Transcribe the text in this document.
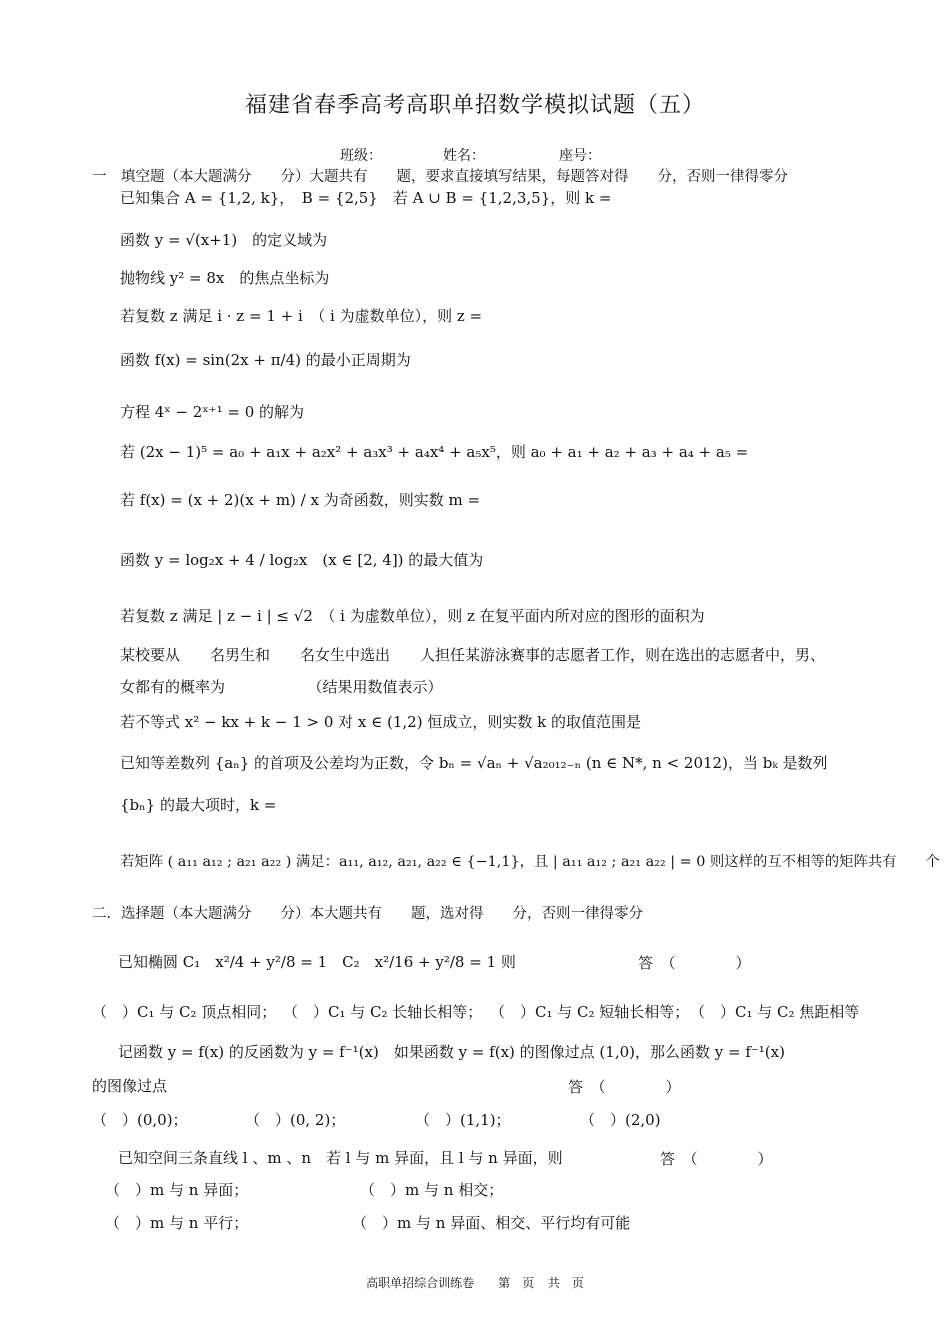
福建省春季高考高职单招数学模拟试题（五）
班级：	姓名：	座号：
一　填空题（本大题满分　　分）大题共有　　题，要求直接填写结果，每题答对得　　分，否则一律得零分
已知集合 A = {1,2, k}，　B = {2,5}　若 A ∪ B = {1,2,3,5}，则 k =
函数 y = √(x+1)　的定义域为
抛物线 y² = 8x　的焦点坐标为
若复数 z 满足 i · z = 1 + i　（ i 为虚数单位），则 z =
函数 f(x) = sin(2x + π/4) 的最小正周期为
方程 4ˣ − 2ˣ⁺¹ = 0 的解为
若 (2x − 1)⁵ = a₀ + a₁x + a₂x² + a₃x³ + a₄x⁴ + a₅x⁵，则 a₀ + a₁ + a₂ + a₃ + a₄ + a₅ =
若 f(x) = (x + 2)(x + m) / x 为奇函数，则实数 m =
函数 y = log₂x + 4 / log₂x　(x ∈ [2, 4]) 的最大值为
若复数 z 满足 | z − i | ≤ √2　（ i 为虚数单位），则 z 在复平面内所对应的图形的面积为
某校要从　　名男生和　　名女生中选出　　人担任某游泳赛事的志愿者工作，则在选出的志愿者中，男、
女都有的概率为　　　　　　（结果用数值表示）
若不等式 x² − kx + k − 1 > 0 对 x ∈ (1,2) 恒成立，则实数 k 的取值范围是
已知等差数列 {aₙ} 的首项及公差均为正数，令 bₙ = √aₙ + √a₂₀₁₂₋ₙ (n ∈ N*, n < 2012)，当 bₖ 是数列
{bₙ} 的最大项时，k =
若矩阵 ( a₁₁ a₁₂ ; a₂₁ a₂₂ ) 满足：a₁₁, a₁₂, a₂₁, a₂₂ ∈ {−1,1}，且 | a₁₁ a₁₂ ; a₂₁ a₂₂ | = 0 则这样的互不相等的矩阵共有　　个
二．选择题（本大题满分　　分）本大题共有　　题，选对得　　分，否则一律得零分
已知椭圆 C₁　x²/4 + y²/8 = 1　C₂　x²/16 + y²/8 = 1 则	答　（　　　　）
（　）C₁ 与 C₂ 顶点相同； （　）C₁ 与 C₂ 长轴长相等； （　）C₁ 与 C₂ 短轴长相等； （　）C₁ 与 C₂ 焦距相等
记函数 y = f(x) 的反函数为 y = f⁻¹(x)　如果函数 y = f(x) 的图像过点 (1,0)，那么函数 y = f⁻¹(x)
的图像过点	答　（　　　　）
（　）(0,0)；	（　）(0, 2)；	（　）(1,1)；	（　）(2,0)
已知空间三条直线 l 、m 、n　若 l 与 m 异面，且 l 与 n 异面，则	答　（　　　　）
（　）m 与 n 异面；	（　）m 与 n 相交；
（　）m 与 n 平行；	（　）m 与 n 异面、相交、平行均有可能
高职单招综合训练卷　　第　页 共　页
